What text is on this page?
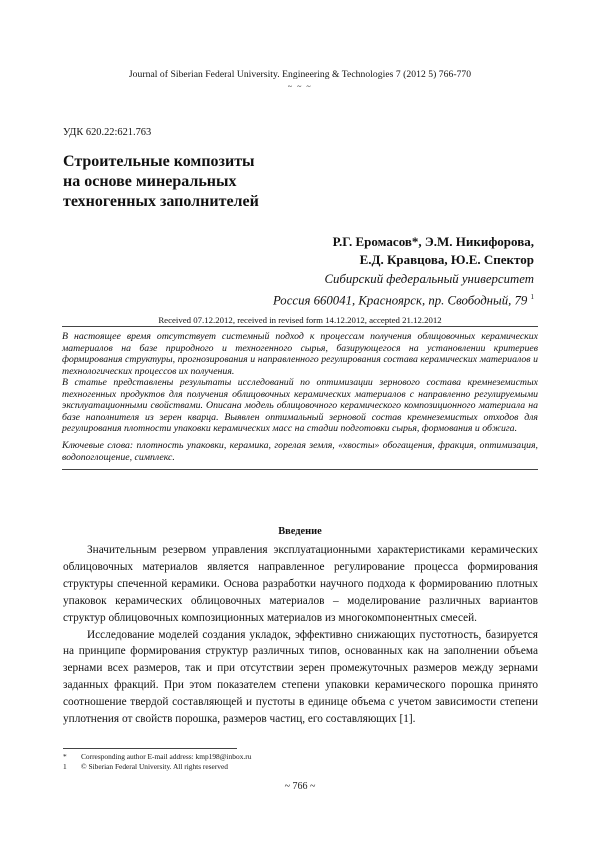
Journal of Siberian Federal University. Engineering & Technologies 7 (2012 5) 766-770
~ ~ ~
УДК 620.22:621.763
Строительные композиты
на основе минеральных
техногенных заполнителей
Р.Г. Еромасов*, Э.М. Никифорова,
Е.Д. Кравцова, Ю.Е. Спектор
Сибирский федеральный университет
Россия 660041, Красноярск, пр. Свободный, 79 $^1$
Received 07.12.2012, received in revised form 14.12.2012, accepted 21.12.2012

В настоящее время отсутствует системный подход к процессам получения облицовочных керамических материалов на базе природного и техногенного сырья, базирующегося на установлении критериев формирования структуры, прогнозирования и направленного регулирования состава керамических материалов и технологических процессов их получения.

В статье представлены результаты исследований по оптимизации зернового состава кремнеземистых техногенных продуктов для получения облицовочных керамических материалов с направленно регулируемыми эксплуатационными свойствами. Описана модель облицовочного керамического композиционного материала на базе наполнителя из зерен кварца. Выявлен оптимальный зерновой состав кремнеземистых отходов для регулирования плотности упаковки керамических масс на стадии подготовки сырья, формования и обжига.

Ключевые слова: плотность упаковки, керамика, горелая земля, «хвосты» обогащения, фракция, оптимизация, водопоглощение, симплекс.
Введение

Значительным резервом управления эксплуатационными характеристиками керамических облицовочных материалов является направленное регулирование процесса формирования структуры спеченной керамики. Основа разработки научного подхода к формированию плотных упаковок керамических облицовочных материалов – моделирование различных вариантов структур облицовочных композиционных материалов из многокомпонентных смесей.

Исследование моделей создания укладок, эффективно снижающих пустотность, базируется на принципе формирования структур различных типов, основанных как на заполнении объема зернами всех размеров, так и при отсутствии зерен промежуточных размеров между зернами заданных фракций. При этом показателем степени упаковки керамического порошка принято соотношение твердой составляющей и пустоты в единице объема с учетом зависимости степени уплотнения от свойств порошка, размеров частиц, его составляющих [1].

*	Corresponding author E-mail address: kmp198@inbox.ru
1	© Siberian Federal University. All rights reserved
~ 766 ~
